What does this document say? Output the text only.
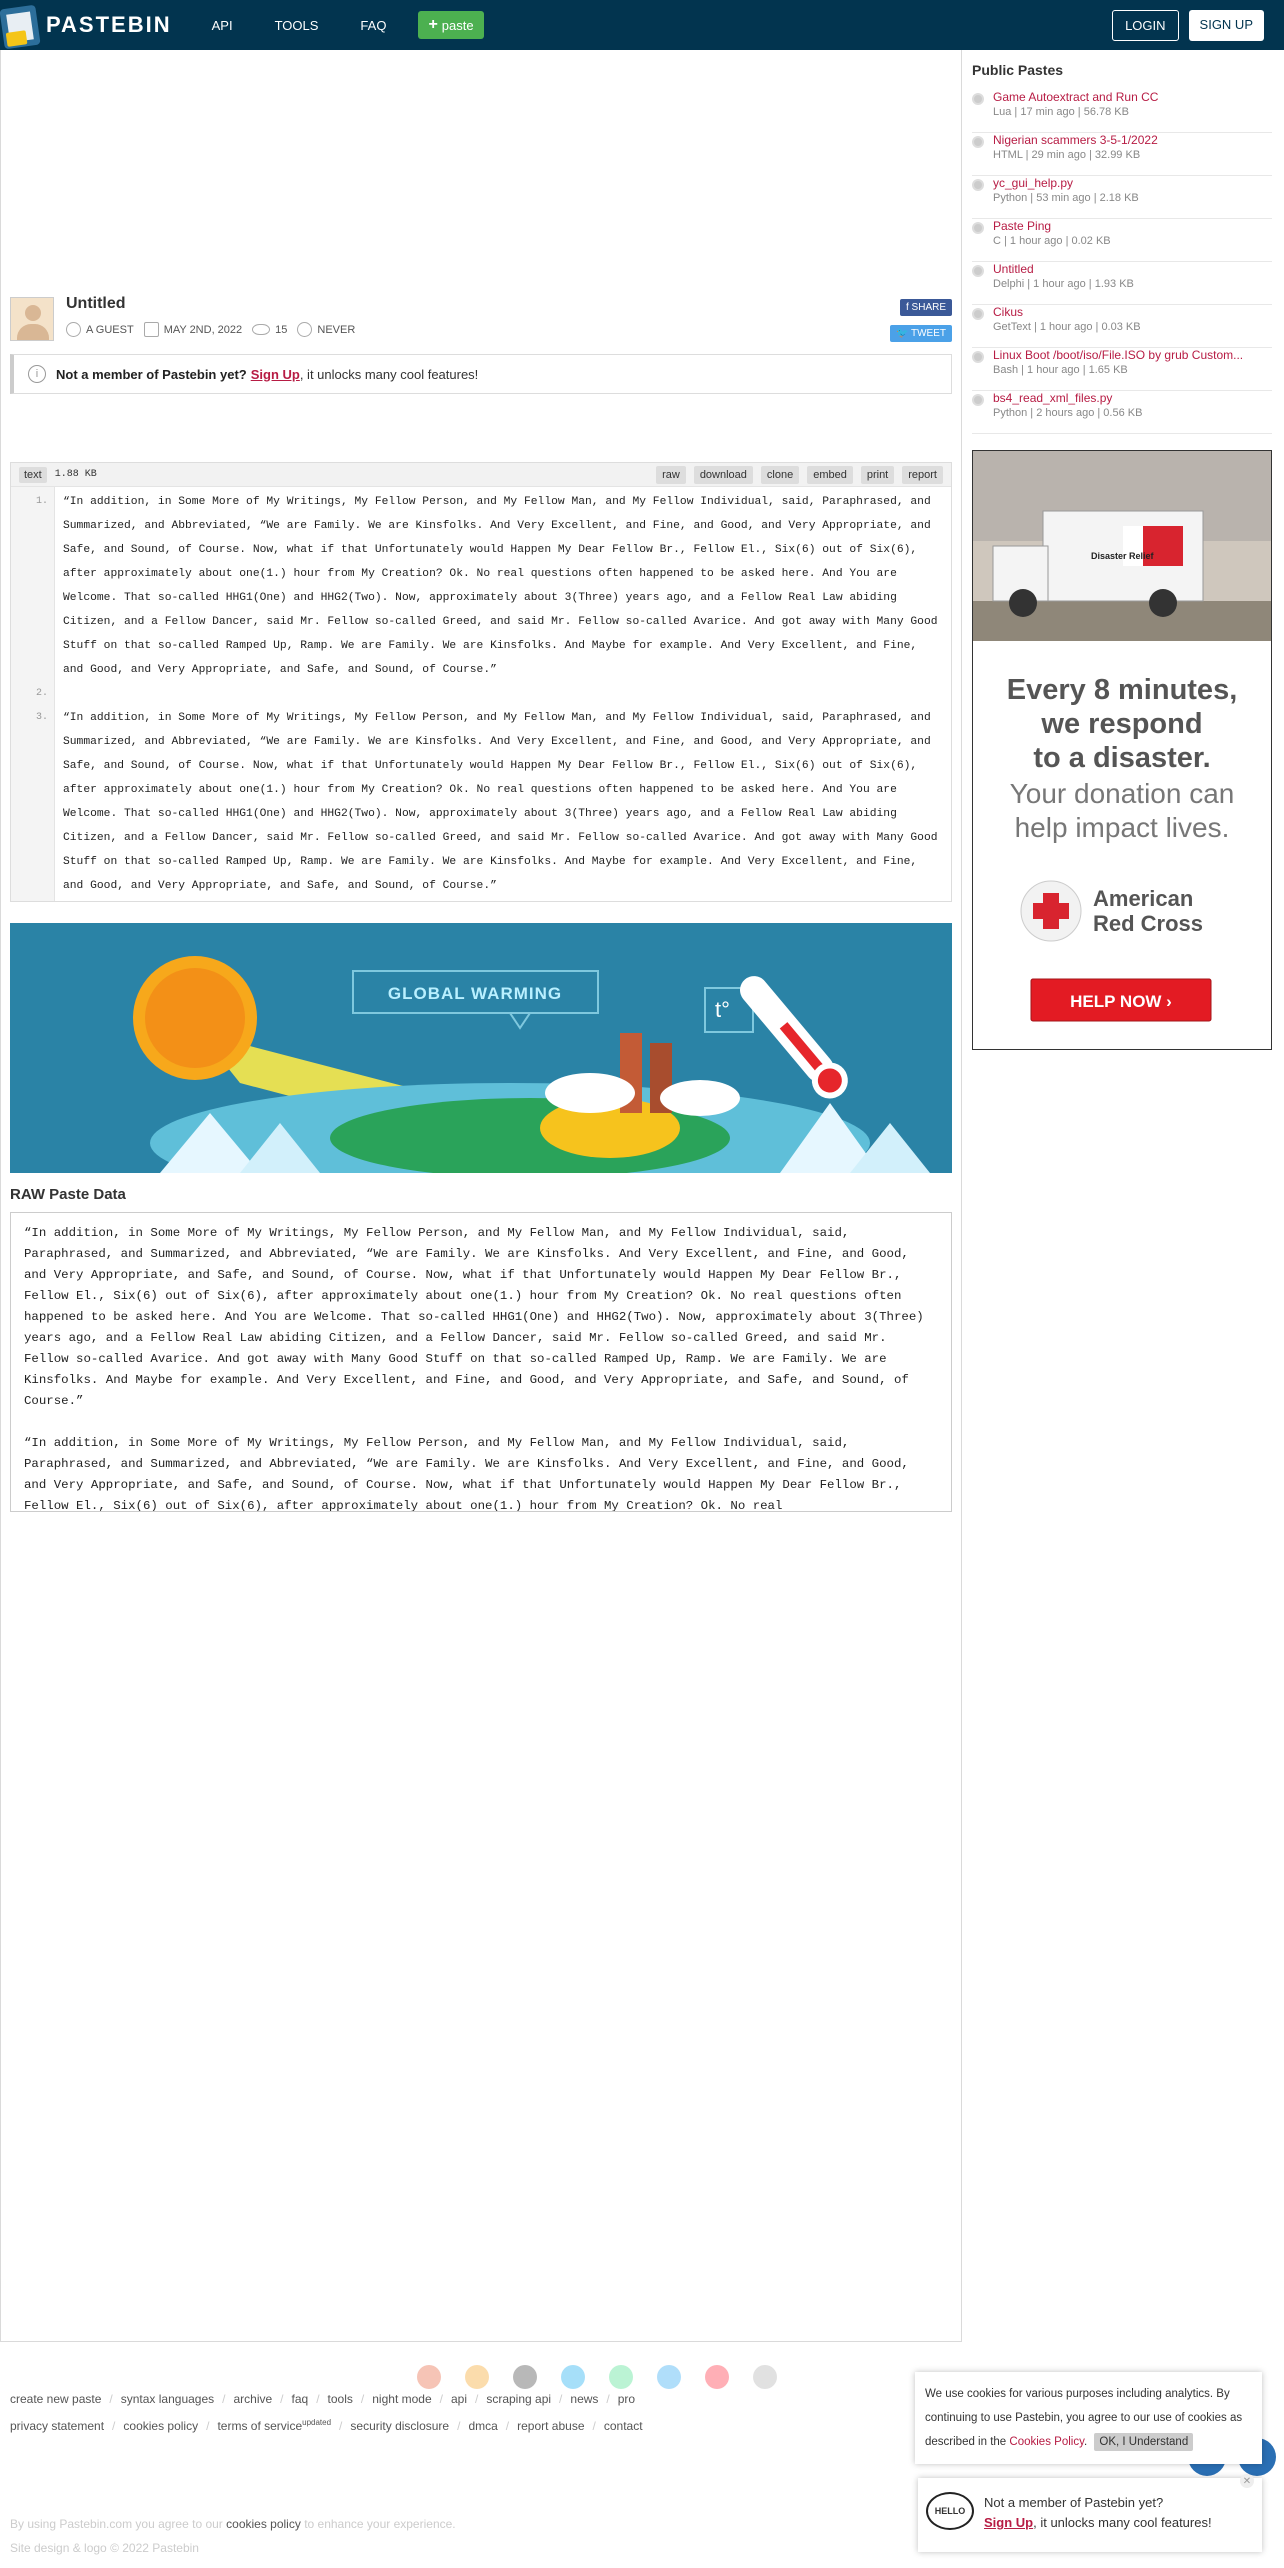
PASTEBIN	API	TOOLS	FAQ	+ paste	LOGIN	SIGN UP
Untitled
A GUEST	MAY 2ND, 2022	15	NEVER
f SHARE
🐦 TWEET
i	Not a member of Pastebin yet? Sign Up , it unlocks many cool features!
text	1.88 KB	raw	download	clone	embed	print	report
1.
2.
3.
“In addition, in Some More of My Writings, My Fellow Person, and My Fellow Man, and My Fellow Individual, said, Paraphrased, and Summarized, and Abbreviated, “We are Family. We are Kinsfolks. And Very Excellent, and Fine, and Good, and Very Appropriate, and Safe, and Sound, of Course. Now, what if that Unfortunately would Happen My Dear Fellow Br., Fellow El., Six(6) out of Six(6), after approximately about one(1.) hour from My Creation? Ok. No real questions often happened to be asked here. And You are Welcome. That so-called HHG1(One) and HHG2(Two). Now, approximately about 3(Three) years ago, and a Fellow Real Law abiding Citizen, and a Fellow Dancer, said Mr. Fellow so-called Greed, and said Mr. Fellow so-called Avarice. And got away with Many Good Stuff on that so-called Ramped Up, Ramp. We are Family. We are Kinsfolks. And Maybe for example. And Very Excellent, and Fine, and Good, and Very Appropriate, and Safe, and Sound, of Course.”
“In addition, in Some More of My Writings, My Fellow Person, and My Fellow Man, and My Fellow Individual, said, Paraphrased, and Summarized, and Abbreviated, “We are Family. We are Kinsfolks. And Very Excellent, and Fine, and Good, and Very Appropriate, and Safe, and Sound, of Course. Now, what if that Unfortunately would Happen My Dear Fellow Br., Fellow El., Six(6) out of Six(6), after approximately about one(1.) hour from My Creation? Ok. No real questions often happened to be asked here. And You are Welcome. That so-called HHG1(One) and HHG2(Two). Now, approximately about 3(Three) years ago, and a Fellow Real Law abiding Citizen, and a Fellow Dancer, said Mr. Fellow so-called Greed, and said Mr. Fellow so-called Avarice. And got away with Many Good Stuff on that so-called Ramped Up, Ramp. We are Family. We are Kinsfolks. And Maybe for example. And Very Excellent, and Fine, and Good, and Very Appropriate, and Safe, and Sound, of Course.”
GLOBAL WARMING
t°
RAW Paste Data

“In addition, in Some More of My Writings, My Fellow Person, and My Fellow Man, and My Fellow Individual, said, Paraphrased, and Summarized, and Abbreviated, “We are Family. We are Kinsfolks. And Very Excellent, and Fine, and Good, and Very Appropriate, and Safe, and Sound, of Course. Now, what if that Unfortunately would Happen My Dear Fellow Br., Fellow El., Six(6) out of Six(6), after approximately about one(1.) hour from My Creation? Ok. No real questions often happened to be asked here. And You are Welcome. That so-called HHG1(One) and HHG2(Two). Now, approximately about 3(Three) years ago, and a Fellow Real Law abiding Citizen, and a Fellow Dancer, said Mr. Fellow so-called Greed, and said Mr. Fellow so-called Avarice. And got away with Many Good Stuff on that so-called Ramped Up, Ramp. We are Family. We are Kinsfolks. And Maybe for example. And Very Excellent, and Fine, and Good, and Very Appropriate, and Safe, and Sound, of Course.”

“In addition, in Some More of My Writings, My Fellow Person, and My Fellow Man, and My Fellow Individual, said, Paraphrased, and Summarized, and Abbreviated, “We are Family. We are Kinsfolks. And Very Excellent, and Fine, and Good, and Very Appropriate, and Safe, and Sound, of Course. Now, what if that Unfortunately would Happen My Dear Fellow Br., Fellow El., Six(6) out of Six(6), after approximately about one(1.) hour from My Creation? Ok. No real

Public Pastes
Game Autoextract and Run CC
Lua | 17 min ago | 56.78 KB
Nigerian scammers 3-5-1/2022
HTML | 29 min ago | 32.99 KB
yc_gui_help.py
Python | 53 min ago | 2.18 KB
Paste Ping
C | 1 hour ago | 0.02 KB
Untitled
Delphi | 1 hour ago | 1.93 KB
Cikus
GetText | 1 hour ago | 0.03 KB
Linux Boot /boot/iso/File.ISO by grub Custom...
Bash | 1 hour ago | 1.65 KB
bs4_read_xml_files.py
Python | 2 hours ago | 0.56 KB
Disaster Relief
Every 8 minutes,
we respond
to a disaster.
Your donation can
help impact lives.
American
Red Cross
HELP NOW ›
create new paste / syntax languages / archive / faq / tools / night mode / api / scraping api / news / pro
privacy statement / cookies policy / terms of service$^{updated}$ / security disclosure / dmca / report abuse / contact
By using Pastebin.com you agree to our cookies policy to enhance your experience.
Site design & logo © 2022 Pastebin
We use cookies for various purposes including analytics. By continuing to use Pastebin, you agree to our use of cookies as described in the Cookies Policy. OK, I Understand
HELLO
Not a member of Pastebin yet?
Sign Up, it unlocks many cool features!
✕
